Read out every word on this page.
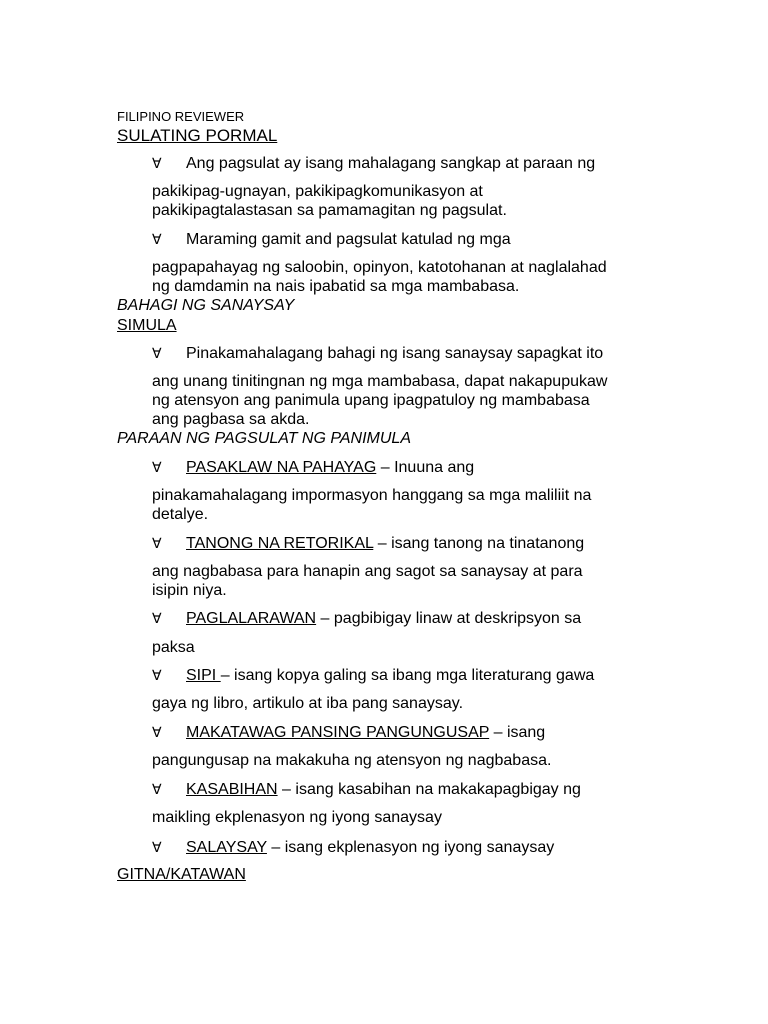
FILIPINO REVIEWER
SULATING PORMAL
∀ Ang pagsulat ay isang mahalagang sangkap at paraan ng
pakikipag-ugnayan, pakikipagkomunikasyon at
pakikipagtalastasan sa pamamagitan ng pagsulat.
∀ Maraming gamit and pagsulat katulad ng mga
pagpapahayag ng saloobin, opinyon, katotohanan at naglalahad
ng damdamin na nais ipabatid sa mga mambabasa.
BAHAGI NG SANAYSAY
SIMULA
∀ Pinakamahalagang bahagi ng isang sanaysay sapagkat ito
ang unang tinitingnan ng mga mambabasa, dapat nakapupukaw
ng atensyon ang panimula upang ipagpatuloy ng mambabasa
ang pagbasa sa akda.
PARAAN NG PAGSULAT NG PANIMULA
∀ PASAKLAW NA PAHAYAG – Inuuna ang
pinakamahalagang impormasyon hanggang sa mga maliliit na
detalye.
∀ TANONG NA RETORIKAL – isang tanong na tinatanong
ang nagbabasa para hanapin ang sagot sa sanaysay at para
isipin niya.
∀ PAGLALARAWAN – pagbibigay linaw at deskripsyon sa
paksa
∀ SIPI – isang kopya galing sa ibang mga literaturang gawa
gaya ng libro, artikulo at iba pang sanaysay.
∀ MAKATAWAG PANSING PANGUNGUSAP – isang
pangungusap na makakuha ng atensyon ng nagbabasa.
∀ KASABIHAN – isang kasabihan na makakapagbigay ng
maikling ekplenasyon ng iyong sanaysay
∀ SALAYSAY – isang ekplenasyon ng iyong sanaysay
GITNA/KATAWAN
